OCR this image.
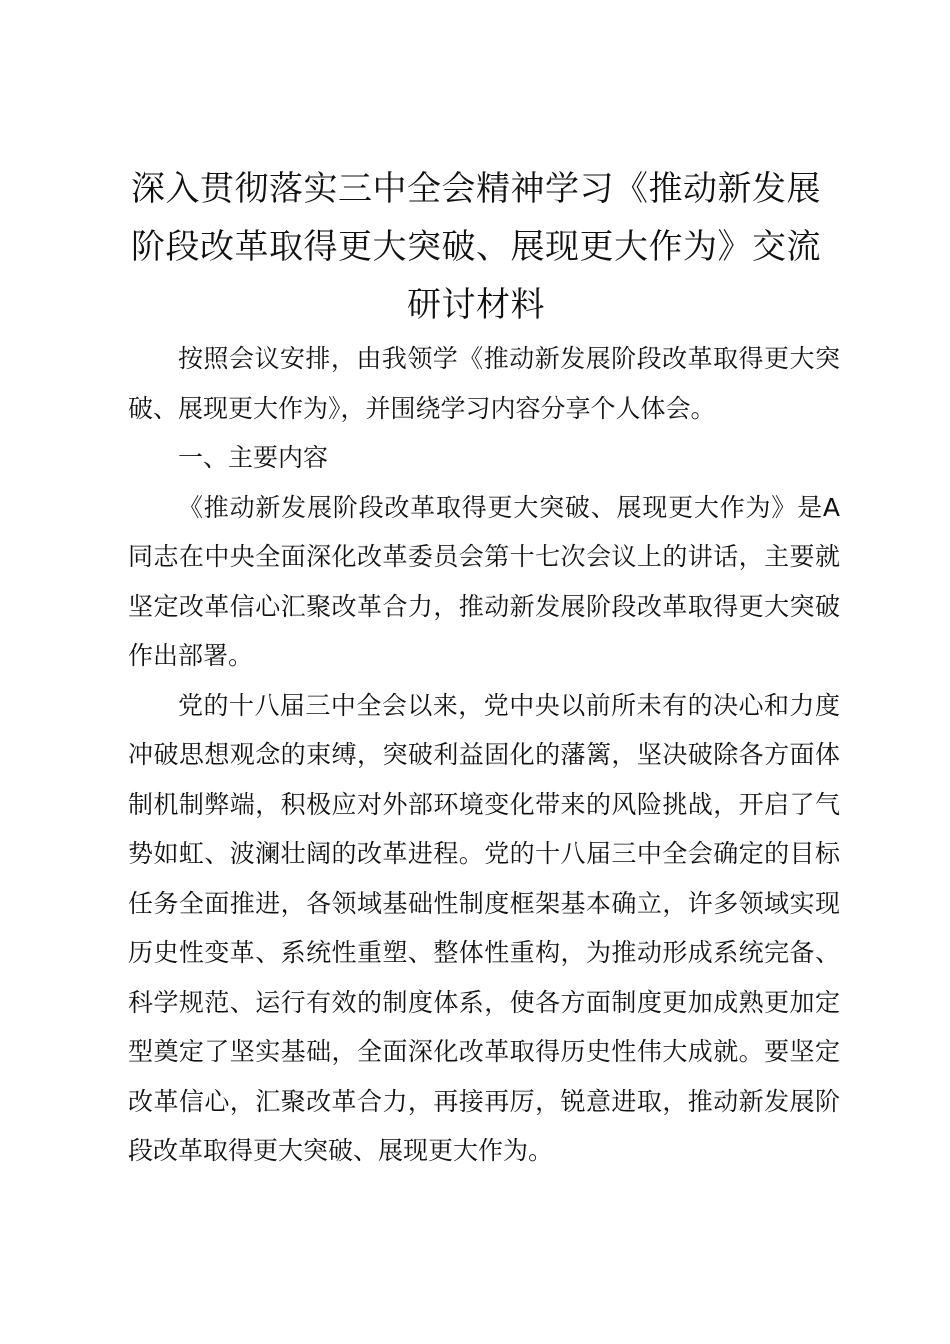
深入贯彻落实三中全会精神学习《推动新发展
阶段改革取得更大突破、展现更大作为》交流
研讨材料

按照会议安排，由我领学《推动新发展阶段改革取得更大突破、展现更大作为》，并围绕学习内容分享个人体会。

一、主要内容

《推动新发展阶段改革取得更大突破、展现更大作为》是A同志在中央全面深化改革委员会第十七次会议上的讲话，主要就坚定改革信心汇聚改革合力，推动新发展阶段改革取得更大突破作出部署。

党的十八届三中全会以来，党中央以前所未有的决心和力度冲破思想观念的束缚，突破利益固化的藩篱，坚决破除各方面体制机制弊端，积极应对外部环境变化带来的风险挑战，开启了气势如虹、波澜壮阔的改革进程。党的十八届三中全会确定的目标任务全面推进，各领域基础性制度框架基本确立，许多领域实现历史性变革、系统性重塑、整体性重构，为推动形成系统完备、科学规范、运行有效的制度体系，使各方面制度更加成熟更加定型奠定了坚实基础，全面深化改革取得历史性伟大成就。要坚定改革信心，汇聚改革合力，再接再厉，锐意进取，推动新发展阶段改革取得更大突破、展现更大作为。
